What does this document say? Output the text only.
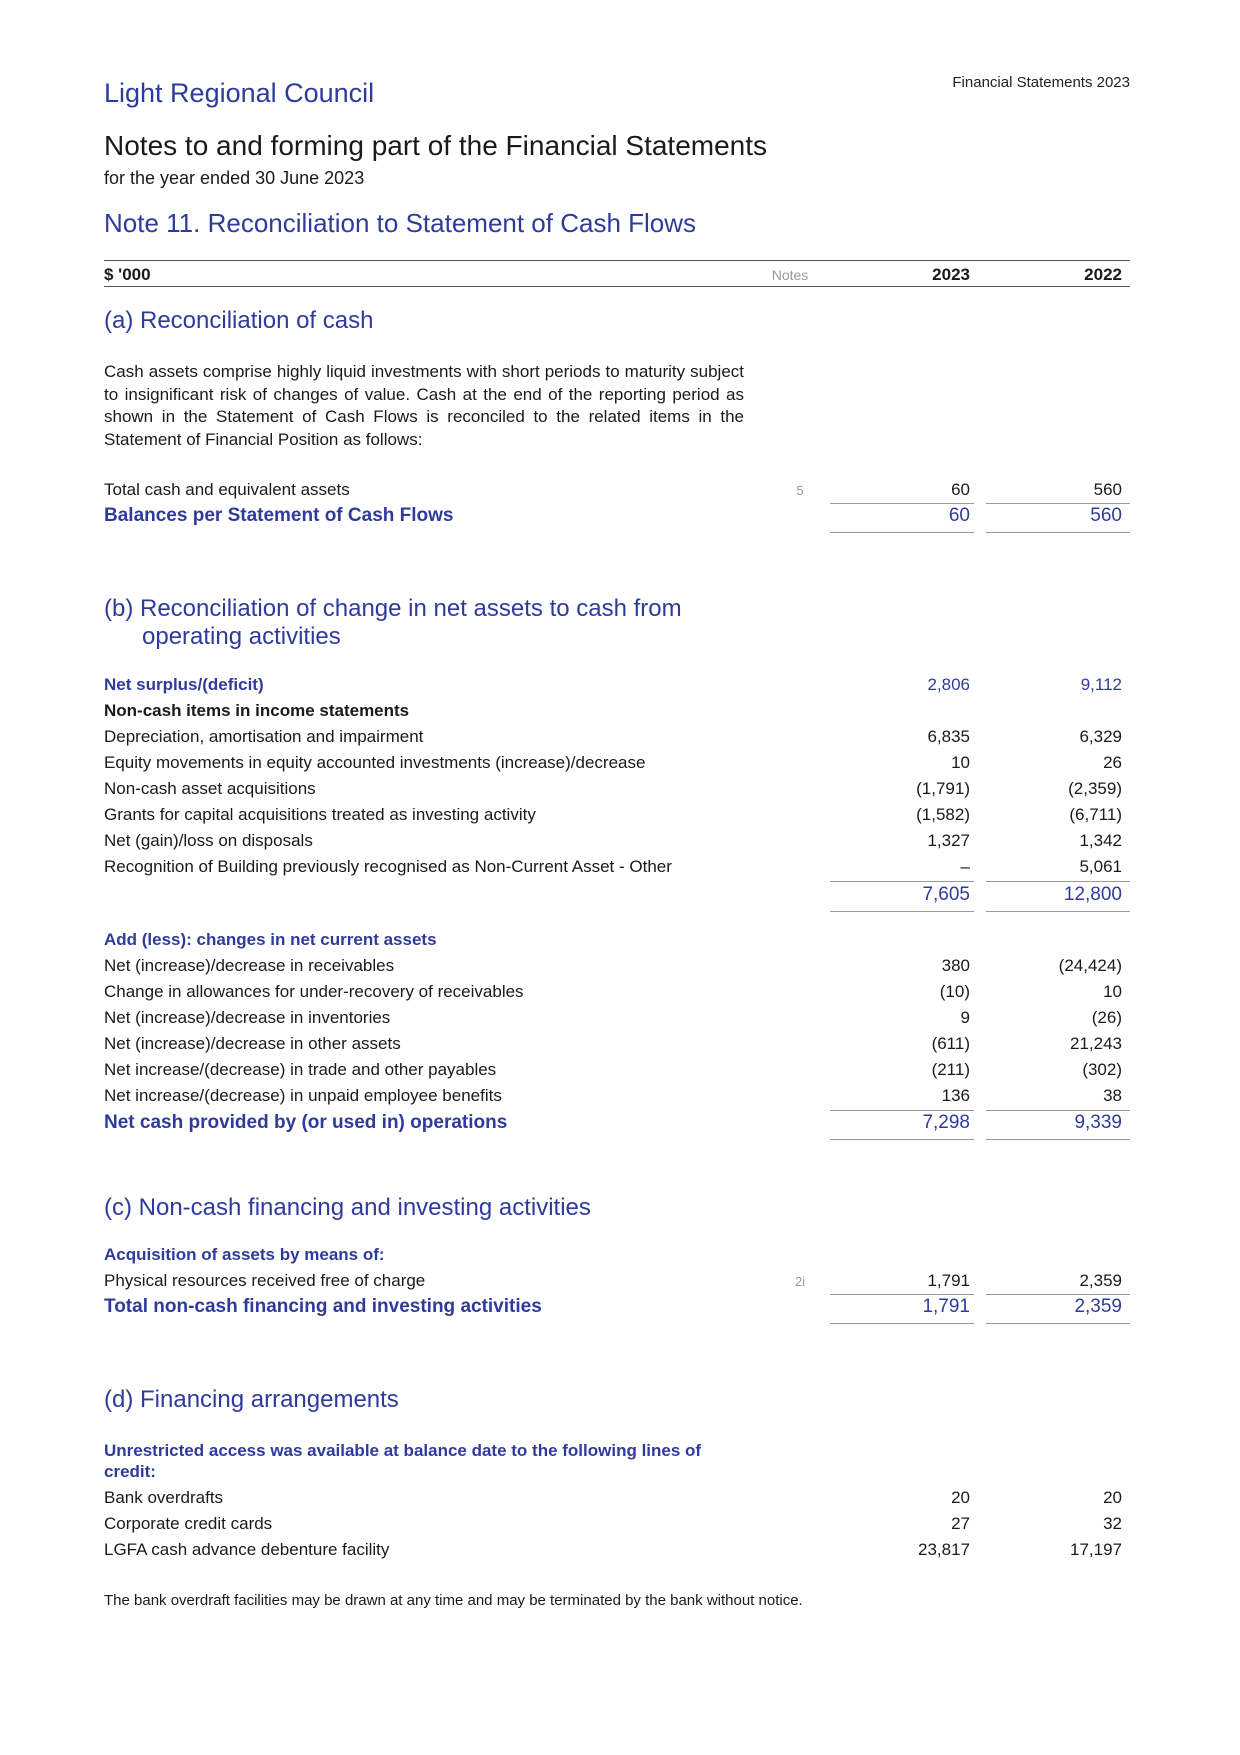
Light Regional Council	Financial Statements 2023
Notes to and forming part of the Financial Statements
for the year ended 30 June 2023
Note 11. Reconciliation to Statement of Cash Flows
$ '000	Notes	2023	2022
(a) Reconciliation of cash
Cash assets comprise highly liquid investments with short periods to maturity subject to insignificant risk of changes of value. Cash at the end of the reporting period as shown in the Statement of Cash Flows is reconciled to the related items in the Statement of Financial Position as follows:
Total cash and equivalent assets	5	60	560
Balances per Statement of Cash Flows	60	560
(b) Reconciliation of change in net assets to cash from
operating activities
Net surplus/(deficit)	2,806	9,112
Non-cash items in income statements
Depreciation, amortisation and impairment	6,835	6,329
Equity movements in equity accounted investments (increase)/decrease	10	26
Non-cash asset acquisitions	(1,791)	(2,359)
Grants for capital acquisitions treated as investing activity	(1,582)	(6,711)
Net (gain)/loss on disposals	1,327	1,342
Recognition of Building previously recognised as Non-Current Asset - Other	–	5,061
7,605	12,800
Add (less): changes in net current assets
Net (increase)/decrease in receivables	380	(24,424)
Change in allowances for under-recovery of receivables	(10)	10
Net (increase)/decrease in inventories	9	(26)
Net (increase)/decrease in other assets	(611)	21,243
Net increase/(decrease) in trade and other payables	(211)	(302)
Net increase/(decrease) in unpaid employee benefits	136	38
Net cash provided by (or used in) operations	7,298	9,339
(c) Non-cash financing and investing activities
Acquisition of assets by means of:
Physical resources received free of charge	2i	1,791	2,359
Total non-cash financing and investing activities	1,791	2,359
(d) Financing arrangements
Unrestricted access was available at balance date to the following lines of
credit:
Bank overdrafts	20	20
Corporate credit cards	27	32
LGFA cash advance debenture facility	23,817	17,197
The bank overdraft facilities may be drawn at any time and may be terminated by the bank without notice.
